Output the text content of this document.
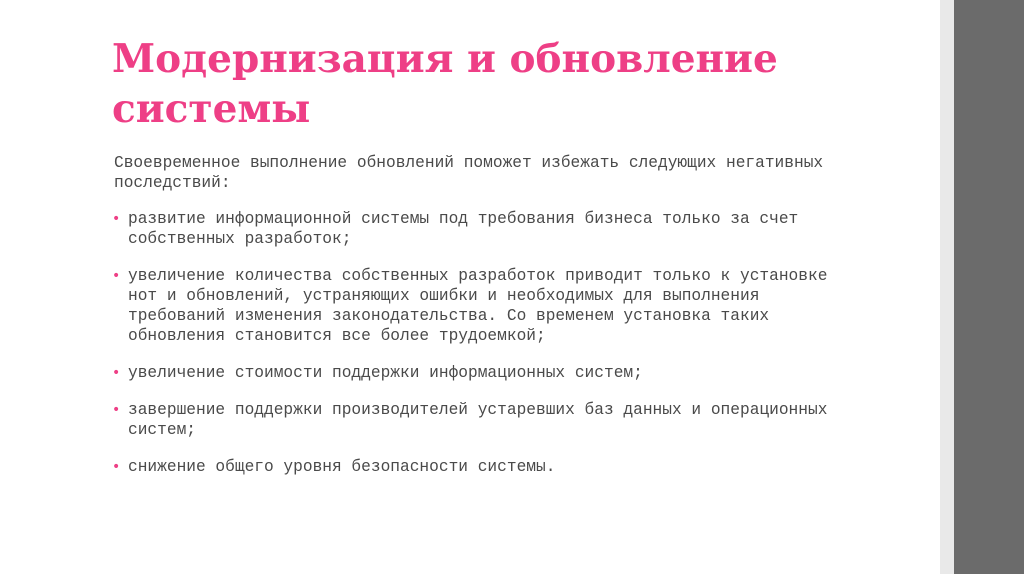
Модернизация и обновление системы

Своевременное выполнение обновлений поможет избежать следующих негативных последствий:

• развитие информационной системы под требования бизнеса только за счет собственных разработок;
• увеличение количества собственных разработок приводит только к установке нот и обновлений, устраняющих ошибки и необходимых для выполнения требований изменения законодательства. Со временем установка таких обновления становится все более трудоемкой;
• увеличение стоимости поддержки информационных систем;
• завершение поддержки производителей устаревших баз данных и операционных систем;
• снижение общего уровня безопасности системы.
